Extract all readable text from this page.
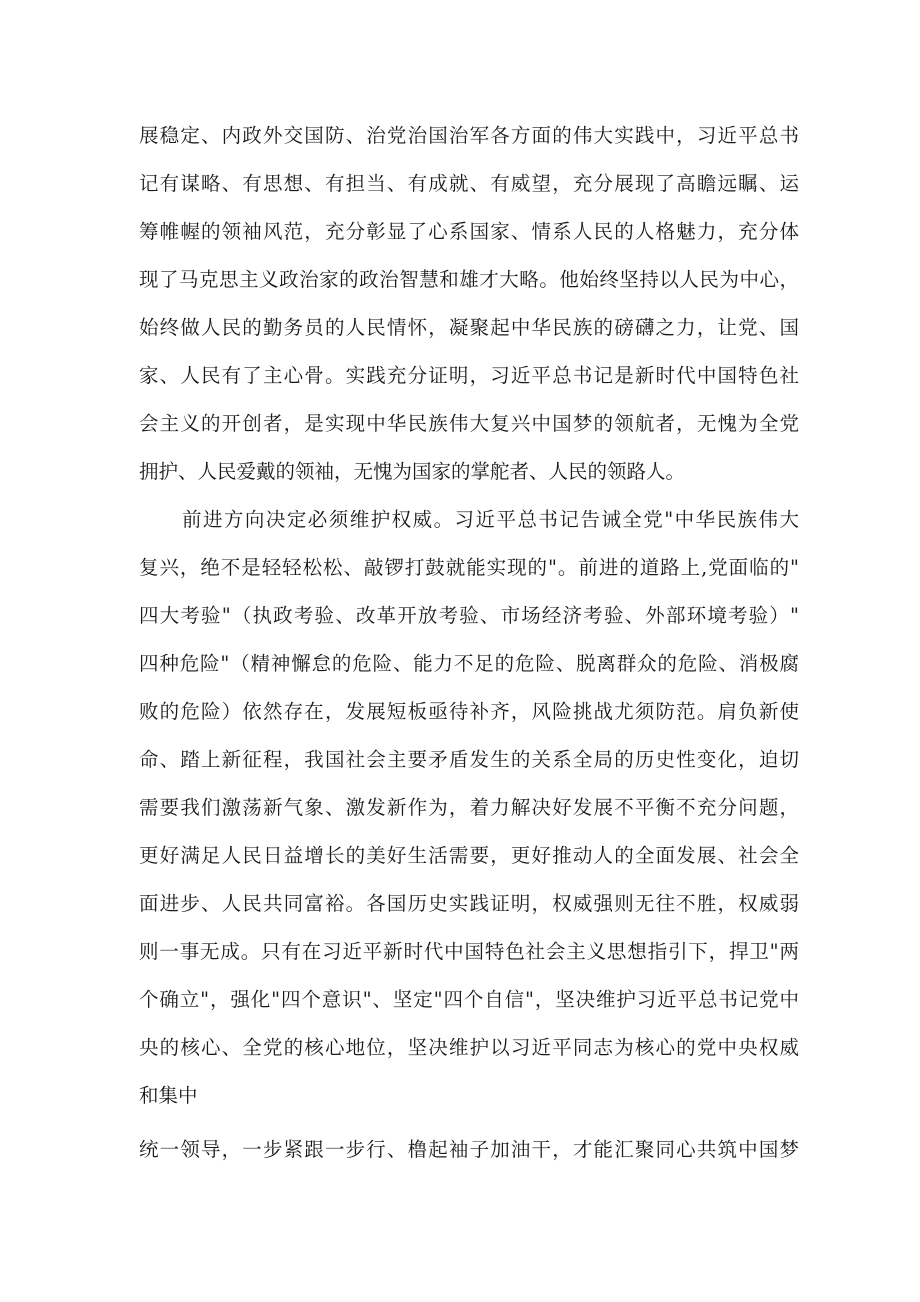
展稳定、内政外交国防、治党治国治军各方面的伟大实践中，习近平总书
记有谋略、有思想、有担当、有成就、有威望，充分展现了高瞻远瞩、运
筹帷幄的领袖风范，充分彰显了心系国家、情系人民的人格魅力，充分体
现了马克思主义政治家的政治智慧和雄才大略。他始终坚持以人民为中心，
始终做人民的勤务员的人民情怀，凝聚起中华民族的磅礴之力，让党、国
家、人民有了主心骨。实践充分证明，习近平总书记是新时代中国特色社
会主义的开创者，是实现中华民族伟大复兴中国梦的领航者，无愧为全党
拥护、人民爱戴的领袖，无愧为国家的掌舵者、人民的领路人。
前进方向决定必须维护权威。习近平总书记告诫全党"中华民族伟大
复兴，绝不是轻轻松松、敲锣打鼓就能实现的"。前进的道路上,党面临的"
四大考验"（执政考验、改革开放考验、市场经济考验、外部环境考验）"
四种危险"（精神懈怠的危险、能力不足的危险、脱离群众的危险、消极腐
败的危险）依然存在，发展短板亟待补齐，风险挑战尤须防范。肩负新使
命、踏上新征程，我国社会主要矛盾发生的关系全局的历史性变化，迫切
需要我们激荡新气象、激发新作为，着力解决好发展不平衡不充分问题，
更好满足人民日益增长的美好生活需要，更好推动人的全面发展、社会全
面进步、人民共同富裕。各国历史实践证明，权威强则无往不胜，权威弱
则一事无成。只有在习近平新时代中国特色社会主义思想指引下，捍卫"两
个确立"，强化"四个意识"、坚定"四个自信"，坚决维护习近平总书记党中
央的核心、全党的核心地位，坚决维护以习近平同志为核心的党中央权威
和集中
统一领导，一步紧跟一步行、橹起袖子加油干，才能汇聚同心共筑中国梦
